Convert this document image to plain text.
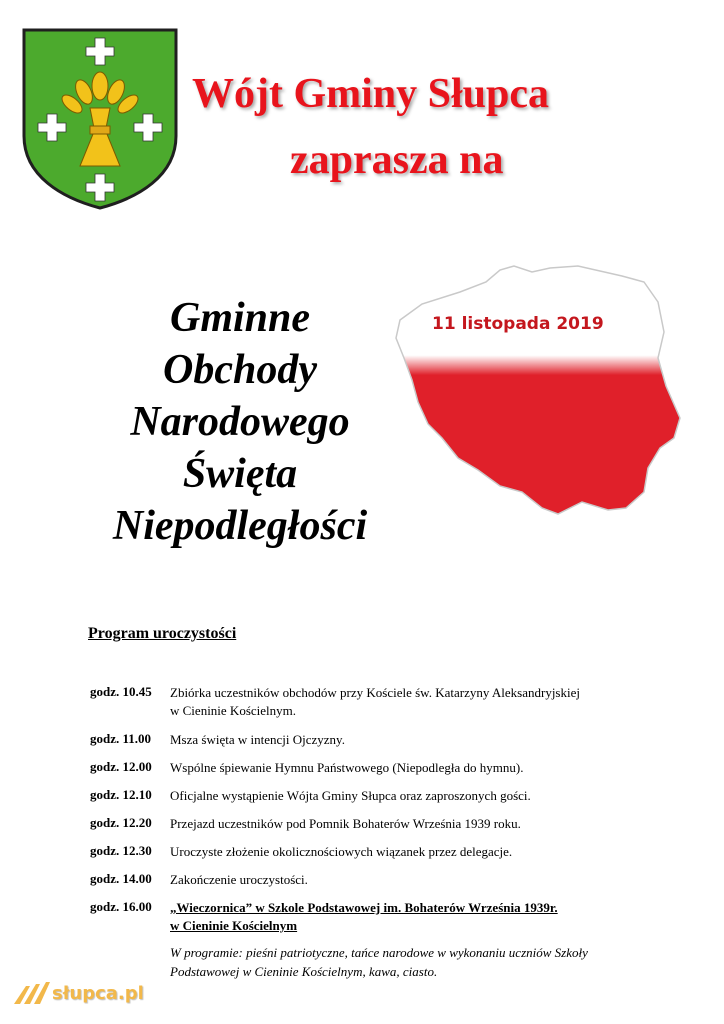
Wójt Gminy Słupca
zaprasza na
Gminne
Obchody
Narodowego
Święta
Niepodległości
11 listopada 2019
Program uroczystości
godz. 10.45	Zbiórka uczestników obchodów przy Kościele św. Katarzyny Aleksandryjskiej
w Cieninie Kościelnym.
godz. 11.00	Msza święta w intencji Ojczyzny.
godz. 12.00	Wspólne śpiewanie Hymnu Państwowego (Niepodległa do hymnu).
godz. 12.10	Oficjalne wystąpienie Wójta Gminy Słupca oraz zaproszonych gości.
godz. 12.20	Przejazd uczestników pod Pomnik Bohaterów Września 1939 roku.
godz. 12.30	Uroczyste złożenie okolicznościowych wiązanek przez delegacje.
godz. 14.00	Zakończenie uroczystości.
godz. 16.00	„Wieczornica” w Szkole Podstawowej im. Bohaterów Września 1939r.
w Cieninie Kościelnym
W programie: pieśni patriotyczne, tańce narodowe w wykonaniu uczniów Szkoły
Podstawowej w Cieninie Kościelnym, kawa, ciasto.
słupca.pl
